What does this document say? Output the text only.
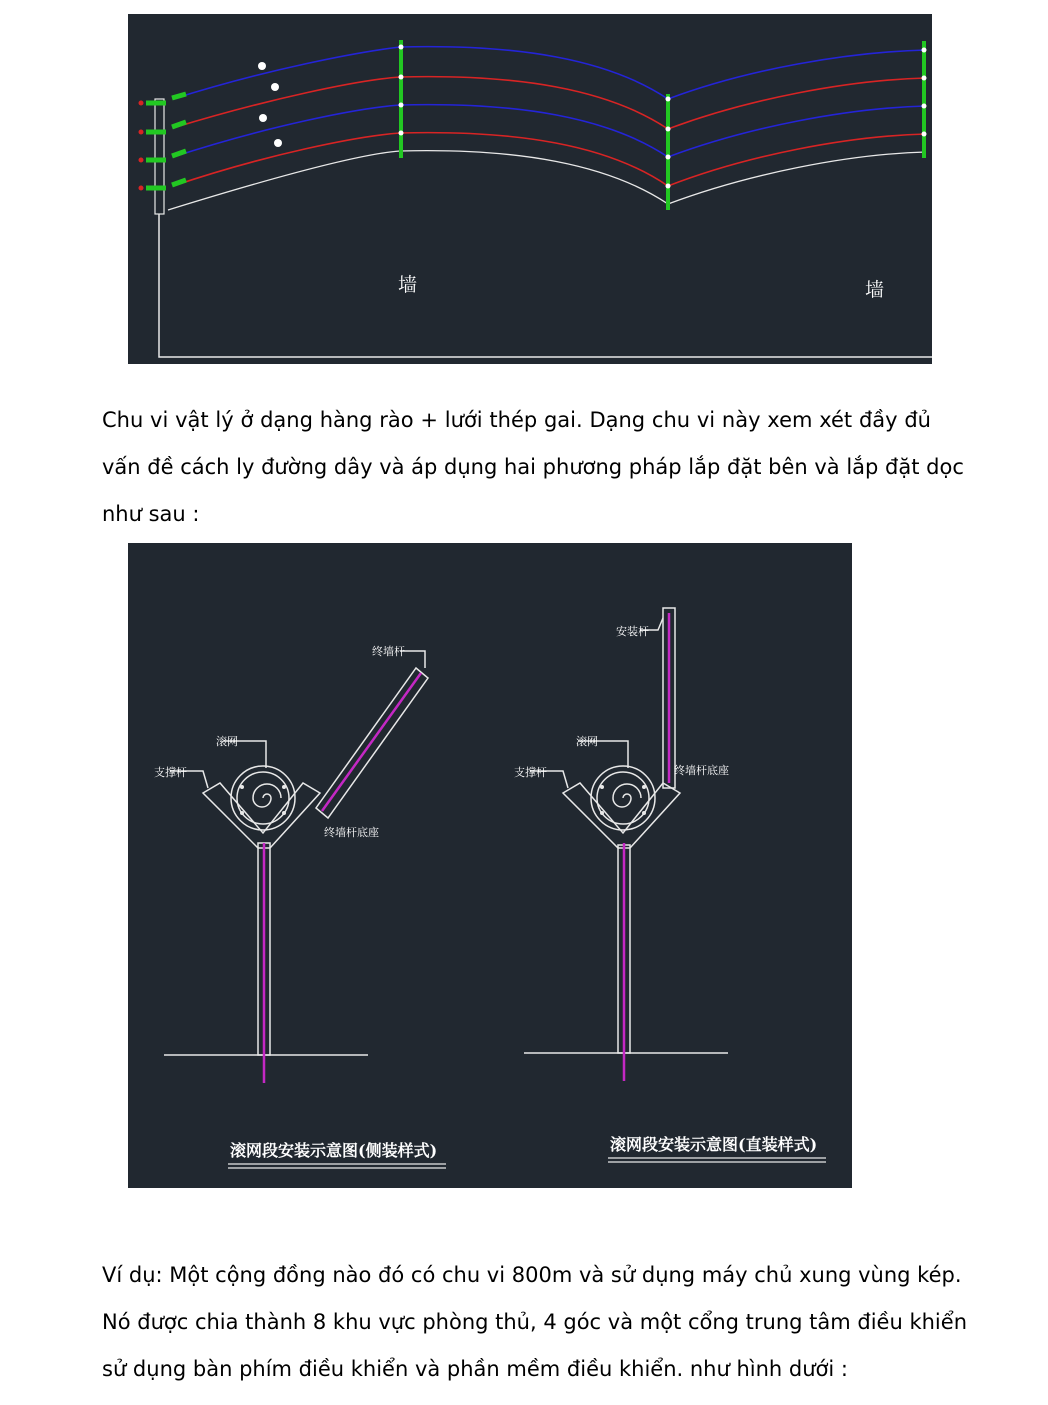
墙	墙
Chu vi vật lý ở dạng hàng rào + lưới thép gai. Dạng chu vi này xem xét đầy đủ
vấn đề cách ly đường dây và áp dụng hai phương pháp lắp đặt bên và lắp đặt dọc
như sau :
滚网
支撑杆
终墙杆
终墙杆底座
滚网段安装示意图(侧装样式)
滚网
支撑杆
安装杆
终墙杆底座
滚网段安装示意图(直装样式)
Ví dụ: Một cộng đồng nào đó có chu vi 800m và sử dụng máy chủ xung vùng kép.
Nó được chia thành 8 khu vực phòng thủ, 4 góc và một cổng trung tâm điều khiển
sử dụng bàn phím điều khiển và phần mềm điều khiển. như hình dưới :
